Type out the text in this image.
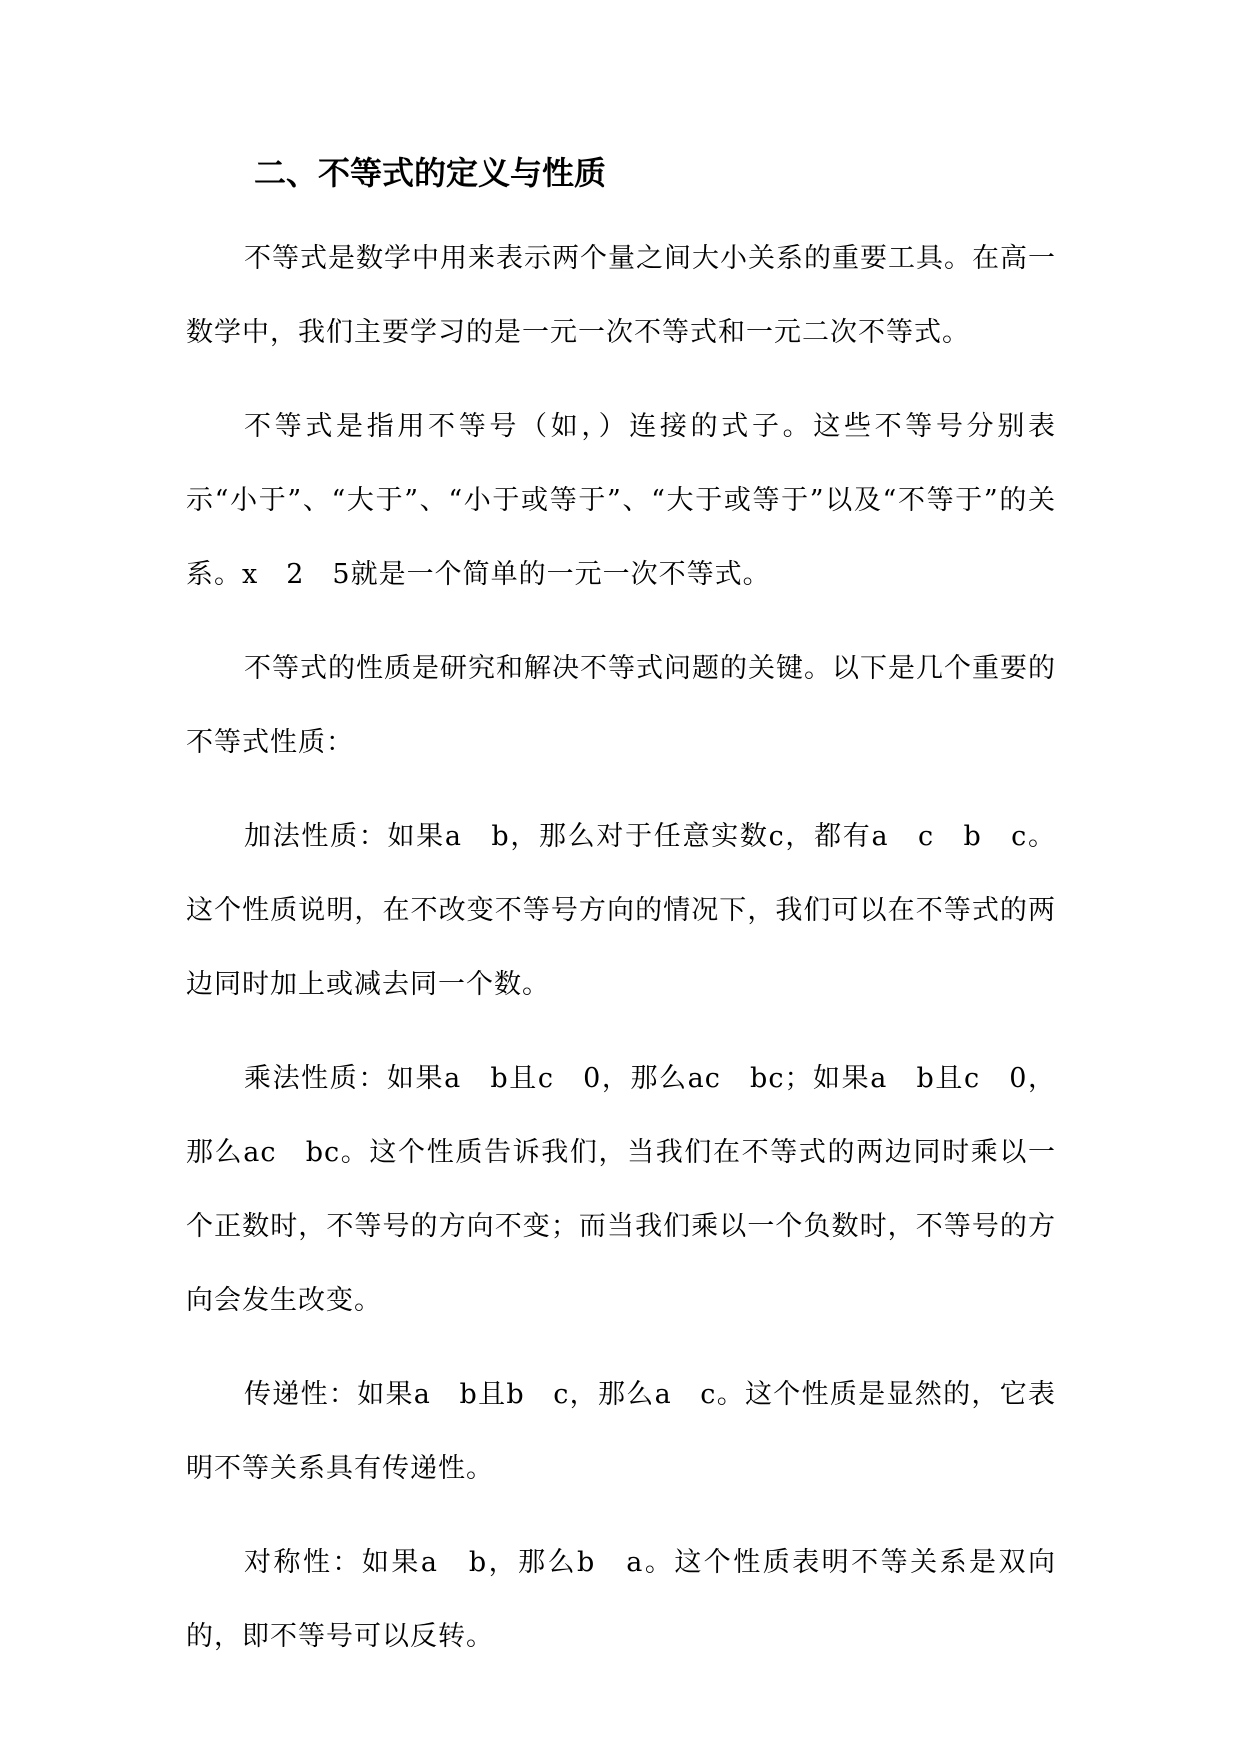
二、不等式的定义与性质

不等式是数学中用来表示两个量之间大小关系的重要工具。在高一数学中，我们主要学习的是一元一次不等式和一元二次不等式。

不等式是指用不等号（如，）连接的式子。这些不等号分别表示“小于”、“大于”、“小于或等于”、“大于或等于”以及“不等于”的关系。x　2　5就是一个简单的一元一次不等式。

不等式的性质是研究和解决不等式问题的关键。以下是几个重要的不等式性质：

加法性质：如果a　b，那么对于任意实数c，都有a　c　b　c。这个性质说明，在不改变不等号方向的情况下，我们可以在不等式的两边同时加上或减去同一个数。

乘法性质：如果a　b且c　0，那么ac　bc；如果a　b且c　0，那么ac　bc。这个性质告诉我们，当我们在不等式的两边同时乘以一个正数时，不等号的方向不变；而当我们乘以一个负数时，不等号的方向会发生改变。

传递性：如果a　b且b　c，那么a　c。这个性质是显然的，它表明不等关系具有传递性。

对称性：如果a　b，那么b　a。这个性质表明不等关系是双向的，即不等号可以反转。
